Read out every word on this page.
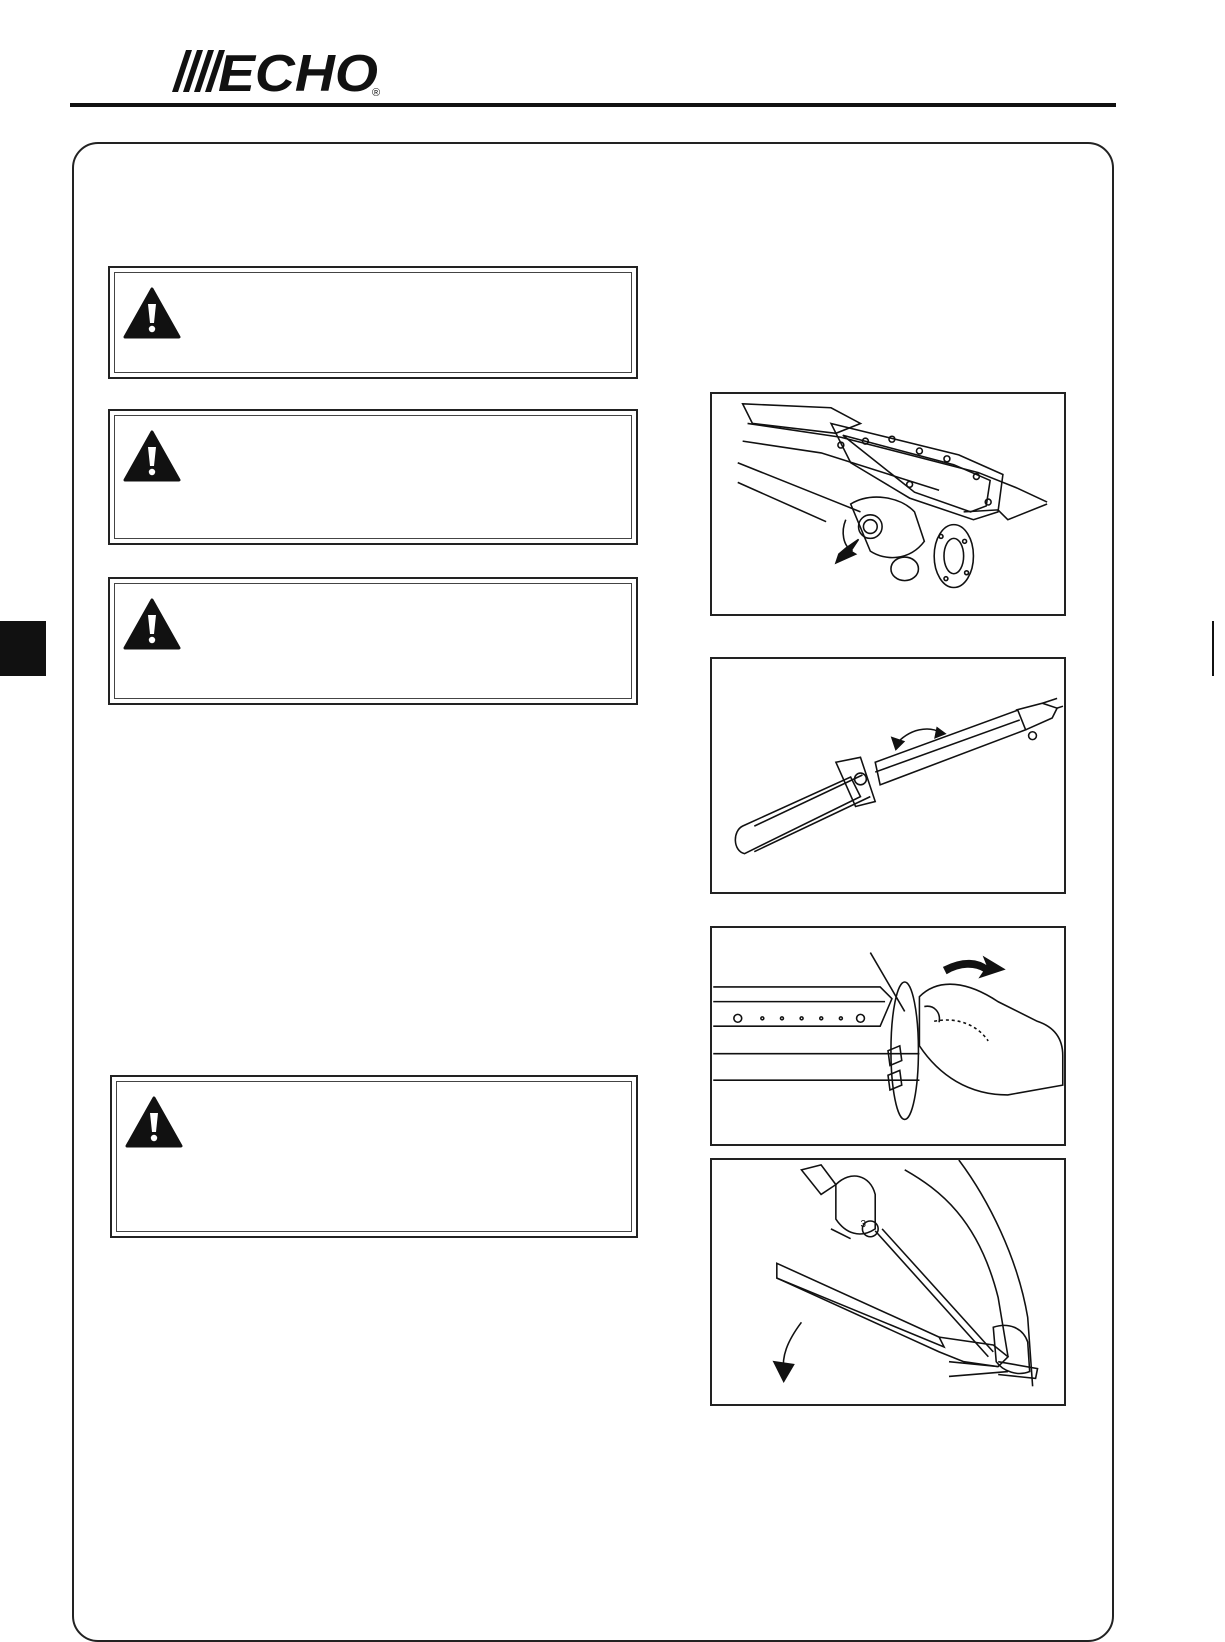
ECHO
®
3
